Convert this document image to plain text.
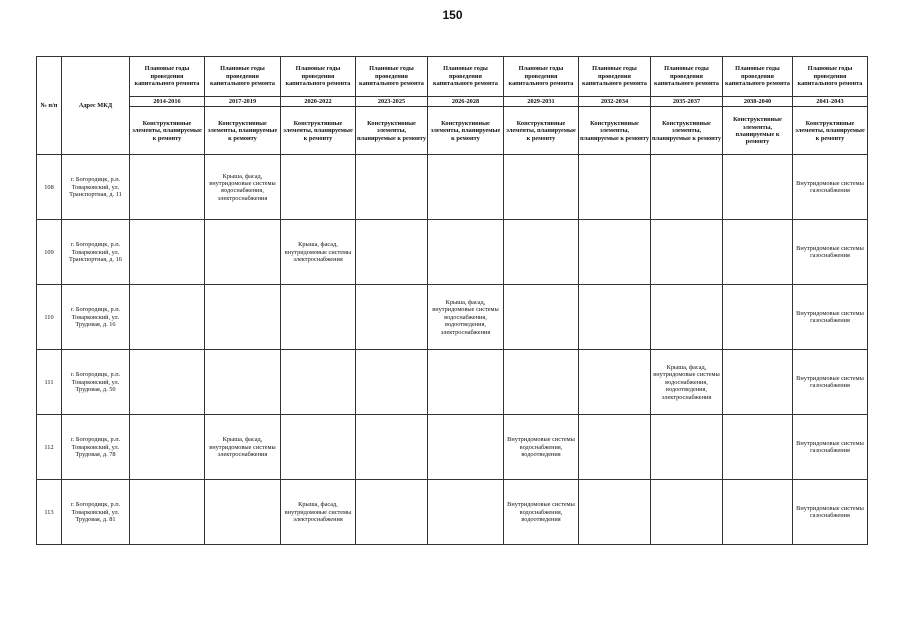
150
№ п/п	Адрес МКД	Плановые годы проведения капитального ремонта	Плановые годы проведения капитального ремонта	Плановые годы проведения капитального ремонта	Плановые годы проведения капитального ремонта	Плановые годы проведения капитального ремонта	Плановые годы проведения капитального ремонта	Плановые годы проведения капитального ремонта	Плановые годы проведения капитального ремонта	Плановые годы проведения капитального ремонта	Плановые годы проведения капитального ремонта
		2014-2016	2017-2019	2020-2022	2023-2025	2026-2028	2029-2031	2032-2034	2035-2037	2038-2040	2041-2043
		Конструктивные элементы, планируемые к ремонту	Конструктивные элементы, планируемые к ремонту	Конструктивные элементы, планируемые к ремонту	Конструктивные элементы, планируемые к ремонту	Конструктивные элементы, планируемые к ремонту	Конструктивные элементы, планируемые к ремонту	Конструктивные элементы, планируемые к ремонту	Конструктивные элементы, планируемые к ремонту	Конструктивные элементы, планируемые к ремонту	Конструктивные элементы, планируемые к ремонту
108	г. Богородицк, р.п. Товарковский, ул. Транспортная, д. 11		Крыша, фасад, внутридомовые системы водоснабжения, электроснабжения								Внутридомовые системы газоснабжения
109	г. Богородицк, р.п. Товарковский, ул. Транспортная, д. 16			Крыша, фасад, внутридомовые системы электроснабжения							Внутридомовые системы газоснабжения
110	г. Богородицк, р.п. Товарковский, ул. Трудовая, д. 16					Крыша, фасад, внутридомовые системы водоснабжения, водоотведения, электроснабжения					Внутридомовые системы газоснабжения
111	г. Богородицк, р.п. Товарковский, ул. Трудовая, д. 50								Крыша, фасад, внутридомовые системы водоснабжения, водоотведения, электроснабжения		Внутридомовые системы газоснабжения
112	г. Богородицк, р.п. Товарковский, ул. Трудовая, д. 78		Крыша, фасад, внутридомовые системы электроснабжения				Внутридомовые системы водоснабжения, водоотведения				Внутридомовые системы газоснабжения
113	г. Богородицк, р.п. Товарковский, ул. Трудовая, д. 81			Крыша, фасад, внутридомовые системы электроснабжения			Внутридомовые системы водоснабжения, водоотведения				Внутридомовые системы газоснабжения
